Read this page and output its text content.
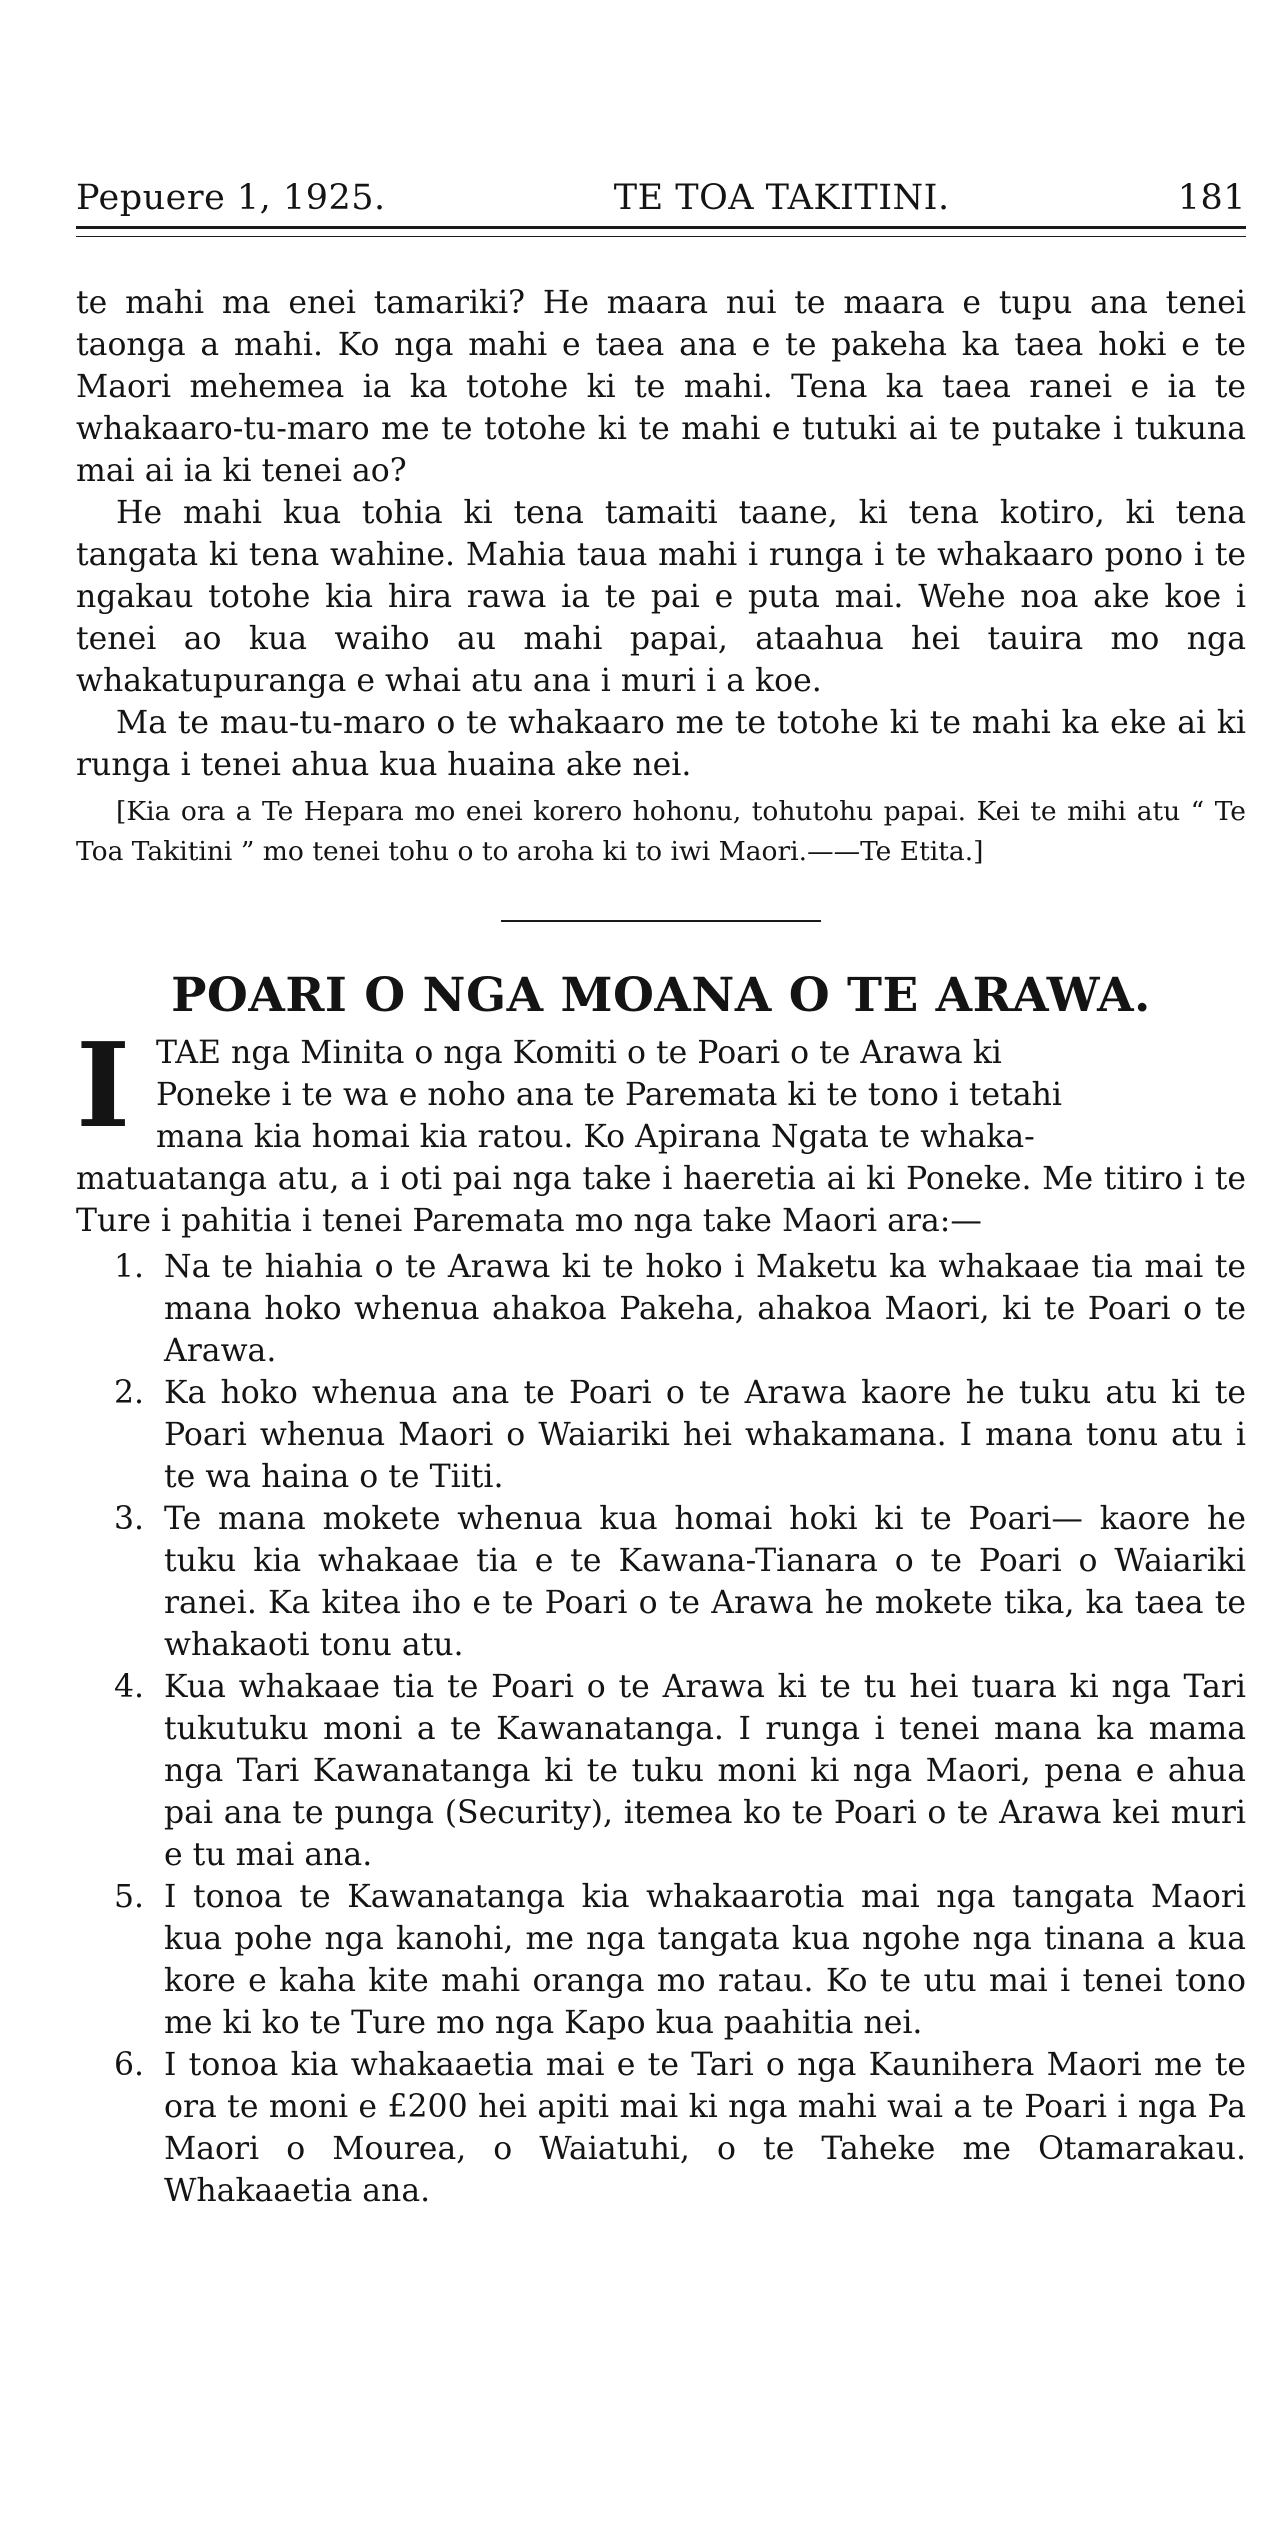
Pepuere 1, 1925.	TE TOA TAKITINI.	181

te mahi ma enei tamariki? He maara nui te maara e tupu ana tenei taonga a mahi. Ko nga mahi e taea ana e te pakeha ka taea hoki e te Maori mehemea ia ka totohe ki te mahi. Tena ka taea ranei e ia te whakaaro-tu-maro me te totohe ki te mahi e tutuki ai te putake i tukuna mai ai ia ki tenei ao?

He mahi kua tohia ki tena tamaiti taane, ki tena kotiro, ki tena tangata ki tena wahine. Mahia taua mahi i runga i te whakaaro pono i te ngakau totohe kia hira rawa ia te pai e puta mai. Wehe noa ake koe i tenei ao kua waiho au mahi papai, ataahua hei tauira mo nga whakatupuranga e whai atu ana i muri i a koe.

Ma te mau-tu-maro o te whakaaro me te totohe ki te mahi ka eke ai ki runga i tenei ahua kua huaina ake nei.

[Kia ora a Te Hepara mo enei korero hohonu, tohutohu papai. Kei te mihi atu “ Te Toa Takitini ” mo tenei tohu o to aroha ki to iwi Maori.——Te Etita.]

POARI O NGA MOANA O TE ARAWA.
I TAE nga Minita o nga Komiti o te Poari o te Arawa ki
Poneke i te wa e noho ana te Paremata ki te tono i tetahi
mana kia homai kia ratou. Ko Apirana Ngata te whaka-

matuatanga atu, a i oti pai nga take i haeretia ai ki Poneke. Me titiro i te Ture i pahitia i tenei Paremata mo nga take Maori ara:—

1. Na te hiahia o te Arawa ki te hoko i Maketu ka whakaae tia mai te mana hoko whenua ahakoa Pakeha, ahakoa Maori, ki te Poari o te Arawa.
2. Ka hoko whenua ana te Poari o te Arawa kaore he tuku atu ki te Poari whenua Maori o Waiariki hei whakamana. I mana tonu atu i te wa haina o te Tiiti.
3. Te mana mokete whenua kua homai hoki ki te Poari— kaore he tuku kia whakaae tia e te Kawana-Tianara o te Poari o Waiariki ranei. Ka kitea iho e te Poari o te Arawa he mokete tika, ka taea te whakaoti tonu atu.
4. Kua whakaae tia te Poari o te Arawa ki te tu hei tuara ki nga Tari tukutuku moni a te Kawanatanga. I runga i tenei mana ka mama nga Tari Kawanatanga ki te tuku moni ki nga Maori, pena e ahua pai ana te punga (Security), itemea ko te Poari o te Arawa kei muri e tu mai ana.
5. I tonoa te Kawanatanga kia whakaarotia mai nga tangata Maori kua pohe nga kanohi, me nga tangata kua ngohe nga tinana a kua kore e kaha kite mahi oranga mo ratau. Ko te utu mai i tenei tono me ki ko te Ture mo nga Kapo kua paahitia nei.
6. I tonoa kia whakaaetia mai e te Tari o nga Kaunihera Maori me te ora te moni e £200 hei apiti mai ki nga mahi wai a te Poari i nga Pa Maori o Mourea, o Waiatuhi, o te Taheke me Otamarakau. Whakaaetia ana.
